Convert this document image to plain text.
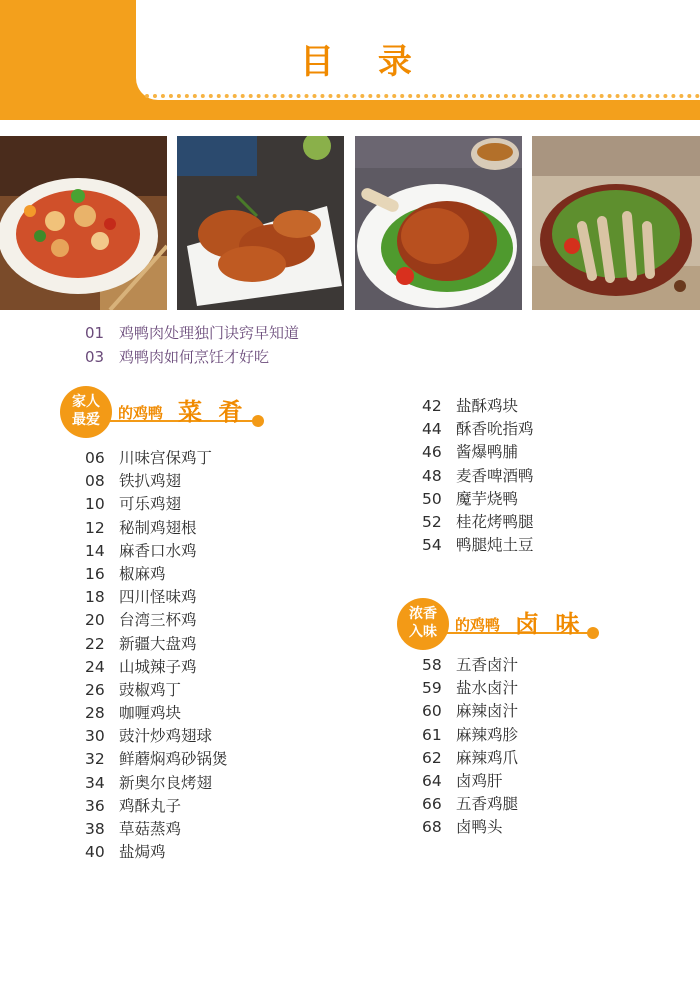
目 录
01 鸡鸭肉处理独门诀窍早知道
03 鸡鸭肉如何烹饪才好吃
家人
最爱	的鸡鸭 菜 肴
06 川味宫保鸡丁
08 铁扒鸡翅
10 可乐鸡翅
12 秘制鸡翅根
14 麻香口水鸡
16 椒麻鸡
18 四川怪味鸡
20 台湾三杯鸡
22 新疆大盘鸡
24 山城辣子鸡
26 豉椒鸡丁
28 咖喱鸡块
30 豉汁炒鸡翅球
32 鲜蘑焖鸡砂锅煲
34 新奥尔良烤翅
36 鸡酥丸子
38 草菇蒸鸡
40 盐焗鸡
42 盐酥鸡块
44 酥香吮指鸡
46 酱爆鸭脯
48 麦香啤酒鸭
50 魔芋烧鸭
52 桂花烤鸭腿
54 鸭腿炖土豆
浓香
入味	的鸡鸭 卤 味
58 五香卤汁
59 盐水卤汁
60 麻辣卤汁
61 麻辣鸡胗
62 麻辣鸡爪
64 卤鸡肝
66 五香鸡腿
68 卤鸭头
